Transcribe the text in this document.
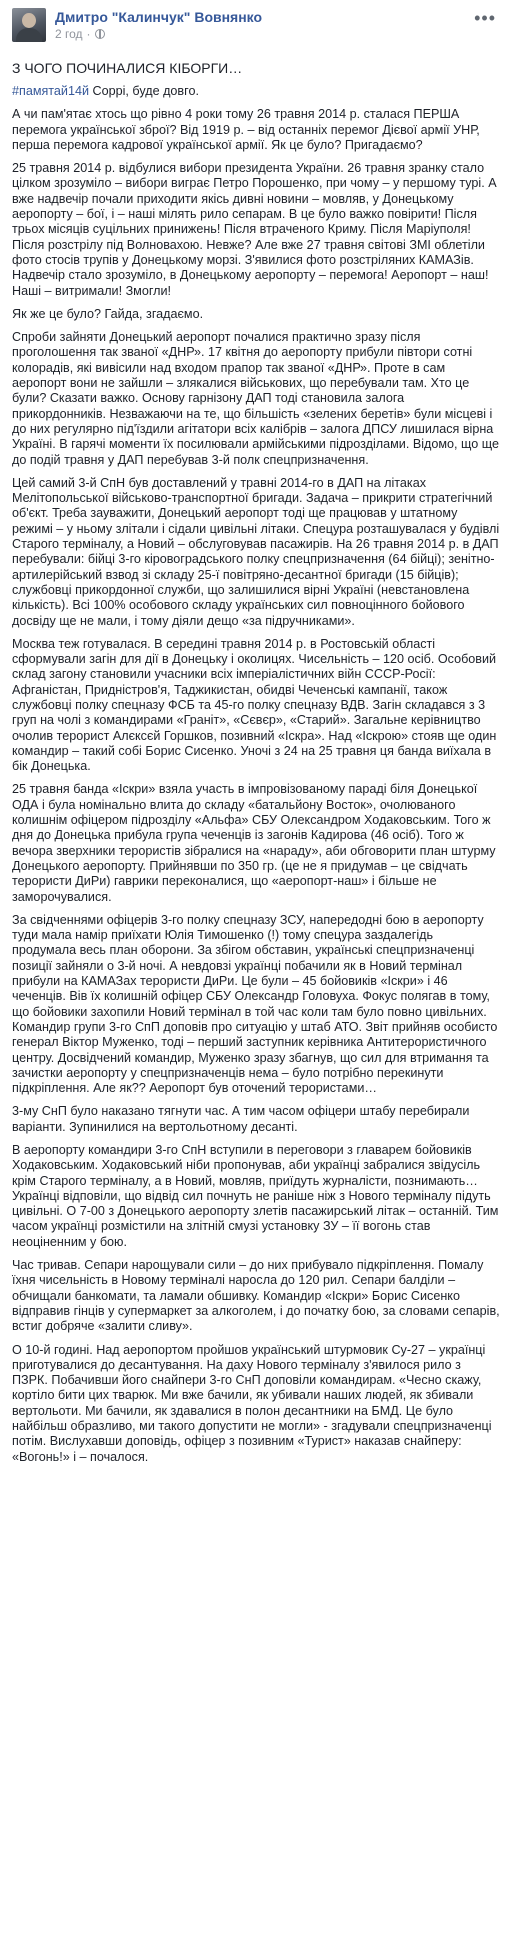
Дмитро "Калинчук" Вовнянко
2 год ·
•••

З ЧОГО ПОЧИНАЛИСЯ КІБОРГИ…

#памятай14й Соррі, буде довго.

А чи пам'ятає хтось що рівно 4 роки тому 26 травня 2014 р. сталася ПЕРША перемога української зброї? Від 1919 р. – від останніх перемог Дієвої армії УНР, перша перемога кадрової української армії. Як це було? Пригадаємо?

25 травня 2014 р. відбулися вибори президента України. 26 травня зранку стало цілком зрозуміло – вибори виграє Петро Порошенко, при чому – у першому турі. А вже надвечір почали приходити якісь дивні новини – мовляв, у Донецькому аеропорту – бої, і – наші мілять рило сепарам. В це було важко повірити! Після трьох місяців суцільних принижень! Після втраченого Криму. Після Маріуполя! Після розстрілу під Волновахою. Невже? Але вже 27 травня світові ЗМІ облетіли фото стосів трупів у Донецькому морзі. З'явилися фото розстріляних КАМАЗів. Надвечір стало зрозуміло, в Донецькому аеропорту – перемога! Аеропорт – наш! Наші – витримали! Змогли!

Як же це було? Гайда, згадаємо.

Спроби зайняти Донецький аеропорт почалися практично зразу після проголошення так званої «ДНР». 17 квітня до аеропорту прибули півтори сотні колорадів, які вивісили над входом прапор так званої «ДНР». Проте в сам аеропорт вони не зайшли – злякалися військових, що перебували там. Хто це були? Сказати важко. Основу гарнізону ДАП тоді становила залога прикордонників. Незважаючи на те, що більшість «зелених беретів» були місцеві і до них регулярно під'їздили агітатори всіх калібрів – залога ДПСУ лишилася вірна Україні. В гарячі моменти їх посилювали армійськими підрозділами. Відомо, що ще до подій травня у ДАП перебував 3-й полк спецпризначення.

Цей самий 3-й СпН був доставлений у травні 2014-го в ДАП на літаках Мелітопольської військово-транспортної бригади. Задача – прикрити стратегічний об'єкт. Треба зауважити, Донецький аеропорт тоді ще працював у штатному режимі – у ньому злітали і сідали цивільні літаки. Спецура розташувалася у будівлі Старого терміналу, а Новий – обслуговував пасажирів. На 26 травня 2014 р. в ДАП перебували: бійці 3-го кіровоградського полку спецпризначення (64 бійці); зенітно-артилерійський взвод зі складу 25-ї повітряно-десантної бригади (15 бійців); службовці прикордонної служби, що залишилися вірні Україні (невстановлена кількість). Всі 100% особового складу українських сил повноцінного бойового досвіду ще не мали, і тому діяли дещо «за підручниками».

Москва теж готувалася. В середині травня 2014 р. в Ростовській області сформували загін для дії в Донецьку і околицях. Чисельність – 120 осіб. Особовий склад загону становили учасники всіх імперіалістичних війн СССР-Росії: Афганістан, Придністров'я, Таджикистан, обидві Чеченські кампанії, також службовці полку спецназу ФСБ та 45-го полку спецназу ВДВ. Загін складався з 3 груп на чолі з командирами «Граніт», «Сєвєр», «Старий». Загальне керівництво очолив терорист Алєксєй Горшков, позивний «Іскра». Над «Іскрою» стояв ще один командир – такий собі Борис Сисенко. Уночі з 24 на 25 травня ця банда виїхала в бік Донецька.

25 травня банда «Іскри» взяла участь в імпровізованому параді біля Донецької ОДА і була номінально влита до складу «батальйону Восток», очолюваного колишнім офіцером підрозділу «Альфа» СБУ Олександром Ходаковським. Того ж дня до Донецька прибула група чеченців із загонів Кадирова (46 осіб). Того ж вечора зверхники терористів зібралися на «нараду», аби обговорити план штурму Донецького аеропорту. Прийнявши по 350 гр. (це не я придумав – це свідчать терористи ДиРи) гаврики переконалися, що «аеропорт-наш» і більше не заморочувалися.

За свідченнями офіцерів 3-го полку спецназу ЗСУ, напередодні бою в аеропорту туди мала намір приїхати Юлія Тимошенко (!) тому спецура заздалегідь продумала весь план оборони. За збігом обставин, українські спецпризначенці позиції зайняли о 3-й ночі. А невдовзі українці побачили як в Новий термінал прибули на КАМАЗах терористи ДиРи. Це були – 45 бойовиків «Іскри» і 46 чеченців. Вів їх колишній офіцер СБУ Олександр Головуха. Фокус полягав в тому, що бойовики захопили Новий термінал в той час коли там було повно цивільних. Командир групи 3-го СпП доповів про ситуацію у штаб АТО. Звіт прийняв особисто генерал Віктор Муженко, тоді – перший заступник керівника Антитерористичного центру. Досвідчений командир, Муженко зразу збагнув, що сил для втримання та зачистки аеропорту у спецпризначенців нема – було потрібно перекинути підкріплення. Але як?? Аеропорт був оточений терористами…

3-му СнП було наказано тягнути час. А тим часом офіцери штабу перебирали варіанти. Зупинилися на вертольотному десанті.

В аеропорту командири 3-го СпН вступили в переговори з главарем бойовиків Ходаковським. Ходаковський ніби пропонував, аби українці забралися звідусіль крім Старого терміналу, а в Новий, мовляв, приїдуть журналісти, познимають… Українці відповіли, що відвід сил почнуть не раніше ніж з Нового терміналу підуть цивільні. О 7-00 з Донецького аеропорту злетів пасажирський літак – останній. Тим часом українці розмістили на злітній смузі установку ЗУ – її вогонь став неоціненним у бою.

Час тривав. Сепари нарощували сили – до них прибувало підкріплення. Помалу їхня чисельність в Новому терміналі наросла до 120 рил. Сепари балділи – обчищали банкомати, та ламали обшивку. Командир «Іскри» Борис Сисенко відправив гінців у супермаркет за алкоголем, і до початку бою, за словами сепарів, встиг добряче «залити сливу».

О 10-й годині. Над аеропортом пройшов український штурмовик Су-27 – українці приготувалися до десантування. На даху Нового терміналу з'явилося рило з ПЗРК. Побачивши його снайпери 3-го СнП доповіли командирам. «Чесно скажу, кортіло бити цих тварюк. Ми вже бачили, як убивали наших людей, як збивали вертольоти. Ми бачили, як здавалися в полон десантники на БМД. Це було найбільш образливо, ми такого допустити не могли» - згадували спецпризначенці потім. Вислухавши доповідь, офіцер з позивним «Турист» наказав снайперу: «Вогонь!» і – почалося.
